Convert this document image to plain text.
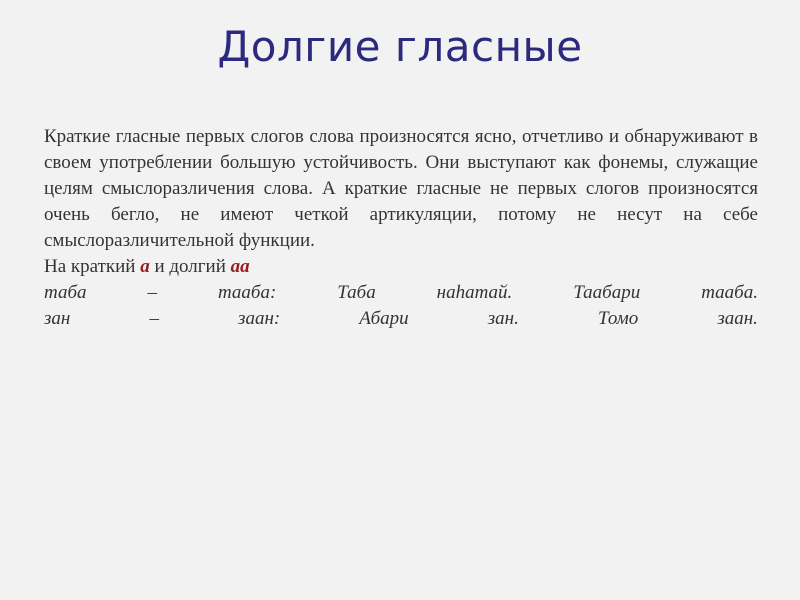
Долгие гласные

Краткие гласные первых слогов слова произносятся ясно, отчетливо и обнаруживают в своем употреблении большую устойчивость. Они выступают как фонемы, служащие целям смыслоразличения слова. А краткие гласные не первых слогов произносятся очень бегло, не имеют четкой артикуляции, потому не несут на себе смыслоразличительной функции.

На краткий а и долгий аа

таба	–	тааба:	Таба	наhатай.	Таабари	тааба.
зан	–	заан:	Абари	зан.	Томо	заан.
